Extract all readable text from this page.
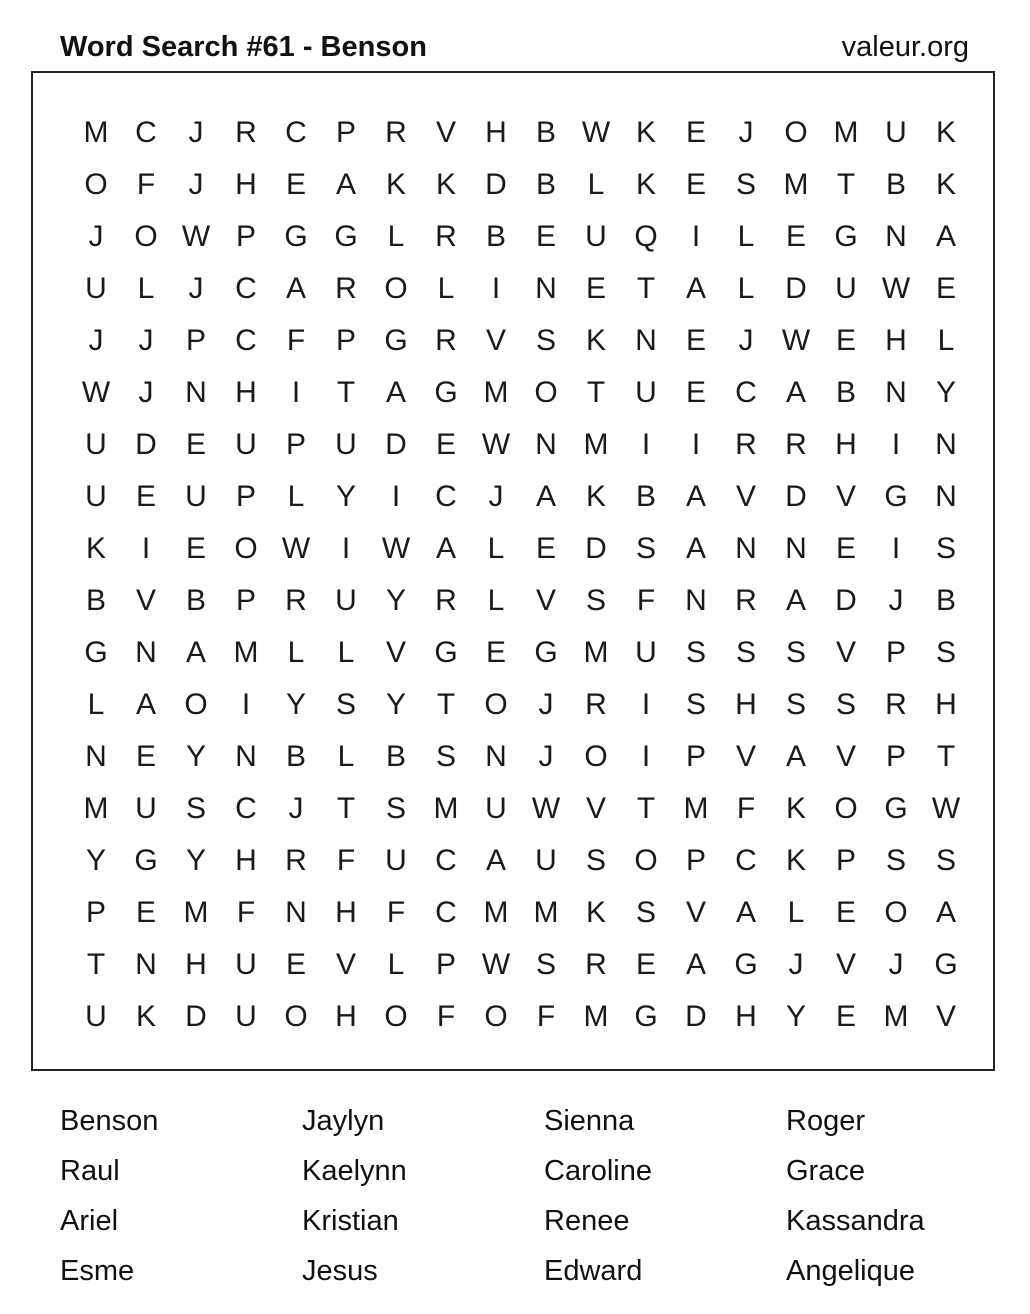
Word Search #61 - Benson	valeur.org
M C	J	R C P R V H B W K E	J	O M U K
O F	J	H E A K K D B	L	K E S M T	B K
J	O W P G G L	R B E U Q	I	L	E G N A
U	L	J	C A R O L	I	N E	T	A	L	D U W E
J	J	P C	F	P G R V S K N E	J W E H	L
W J	N H	I	T	A G M O T	U E C A B N Y
U D E U P U D E W N M	I	I	R R H	I	N
U E U P	L	Y	I	C	J	A K B A V D V G N
K	I	E O W	I	W A	L	E D S A N N E	I	S
B V B P R U Y R	L	V S	F	N R A D	J	B
G N A M L	L	V G E G M U S S S V P S
L	A O	I	Y S Y	T O	J	R	I	S H S S R H
N E Y N B	L	B S N	J	O	I	P V A V P	T
M U S C	J	T	S M U W V	T M F	K O G W
Y G Y H R	F	U C A U S O P C K P S S
P E M F	N H	F	C M M K S V A	L	E O A
T	N H U E V	L	P W S R E A G	J	V	J	G
U K D U O H O F O F M G D H Y E M V
Benson	Jaylyn	Sienna	Roger
Raul	Kaelynn	Caroline	Grace
Ariel	Kristian	Renee	Kassandra
Esme	Jesus	Edward	Angelique
